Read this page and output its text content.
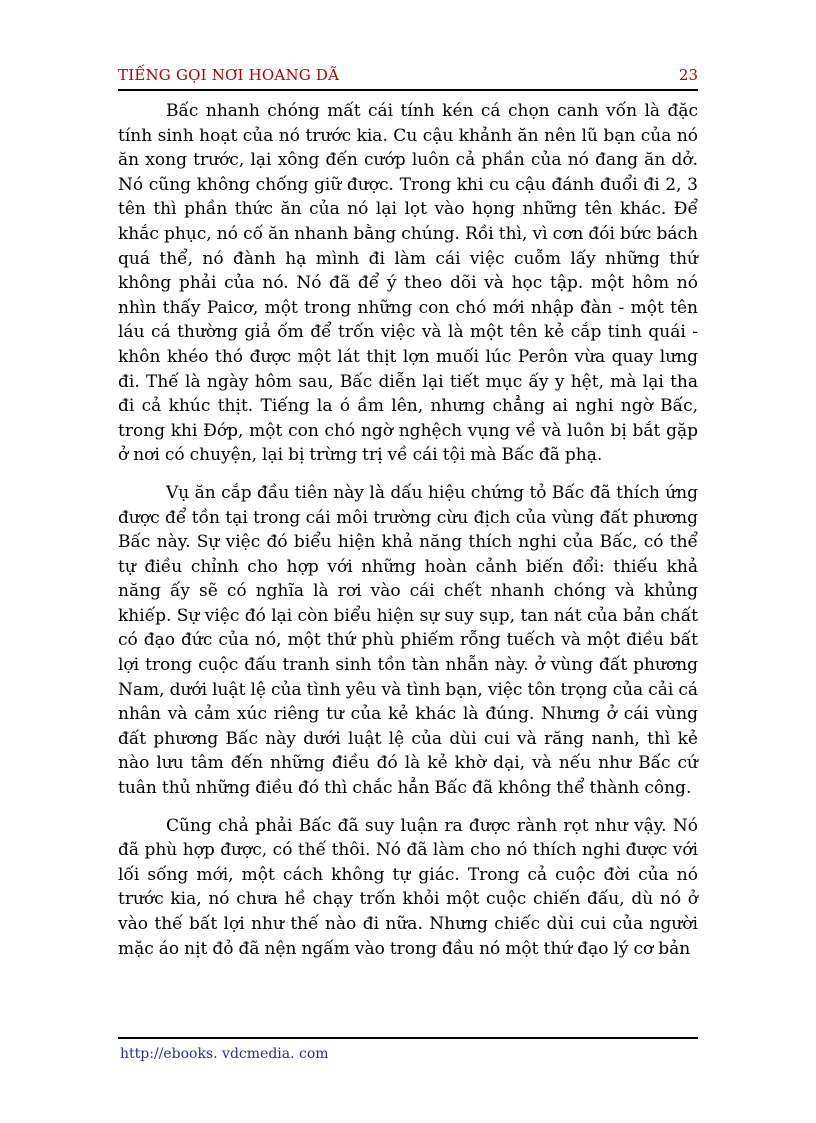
TIẾNG GỌI NƠI HOANG DÃ	23

Bấc nhanh chóng mất cái tính kén cá chọn canh vốn là đặc tính sinh hoạt của nó trước kia. Cu cậu khảnh ăn nên lũ bạn của nó ăn xong trước, lại xông đến cướp luôn cả phần của nó đang ăn dở. Nó cũng không chống giữ được. Trong khi cu cậu đánh đuổi đi 2, 3 tên thì phần thức ăn của nó lại lọt vào họng những tên khác. Để khắc phục, nó cố ăn nhanh bằng chúng. Rồi thì, vì cơn đói bức bách quá thể, nó đành hạ mình đi làm cái việc cuỗm lấy những thứ không phải của nó. Nó đã để ý theo dõi và học tập. một hôm nó nhìn thấy Paicơ, một trong những con chó mới nhập đàn - một tên láu cá thường giả ốm để trốn việc và là một tên kẻ cắp tinh quái - khôn khéo thó được một lát thịt lợn muối lúc Perôn vừa quay lưng đi. Thế là ngày hôm sau, Bấc diễn lại tiết mục ấy y hệt, mà lại tha đi cả khúc thịt. Tiếng la ó ầm lên, nhưng chẳng ai nghi ngờ Bấc, trong khi Đớp, một con chó ngờ nghệch vụng về và luôn bị bắt gặp ở nơi có chuyện, lại bị trừng trị về cái tội mà Bấc đã phạ.

Vụ ăn cắp đầu tiên này là dấu hiệu chứng tỏ Bấc đã thích ứng được để tồn tại trong cái môi trường cừu địch của vùng đất phương Bấc này. Sự việc đó biểu hiện khả năng thích nghi của Bấc, có thể tự điều chỉnh cho hợp với những hoàn cảnh biến đổi: thiếu khả năng ấy sẽ có nghĩa là rơi vào cái chết nhanh chóng và khủng khiếp. Sự việc đó lại còn biểu hiện sự suy sụp, tan nát của bản chất có đạo đức của nó, một thứ phù phiếm rỗng tuếch và một điều bất lợi trong cuộc đấu tranh sinh tồn tàn nhẫn này. ở vùng đất phương Nam, dưới luật lệ của tình yêu và tình bạn, việc tôn trọng của cải cá nhân và cảm xúc riêng tư của kẻ khác là đúng. Nhưng ở cái vùng đất phương Bấc này dưới luật lệ của dùi cui và răng nanh, thì kẻ nào lưu tâm đến những điều đó là kẻ khờ dại, và nếu như Bấc cứ tuân thủ những điều đó thì chắc hẳn Bấc đã không thể thành công.

Cũng chả phải Bấc đã suy luận ra được rành rọt như vậy. Nó đã phù hợp được, có thế thôi. Nó đã làm cho nó thích nghi được với lối sống mới, một cách không tự giác. Trong cả cuộc đời của nó trước kia, nó chưa hề chạy trốn khỏi một cuộc chiến đấu, dù nó ở vào thế bất lợi như thế nào đi nữa. Nhưng chiếc dùi cui của người mặc áo nịt đỏ đã nện ngấm vào trong đầu nó một thứ đạo lý cơ bản

http://ebooks. vdcmedia. com
